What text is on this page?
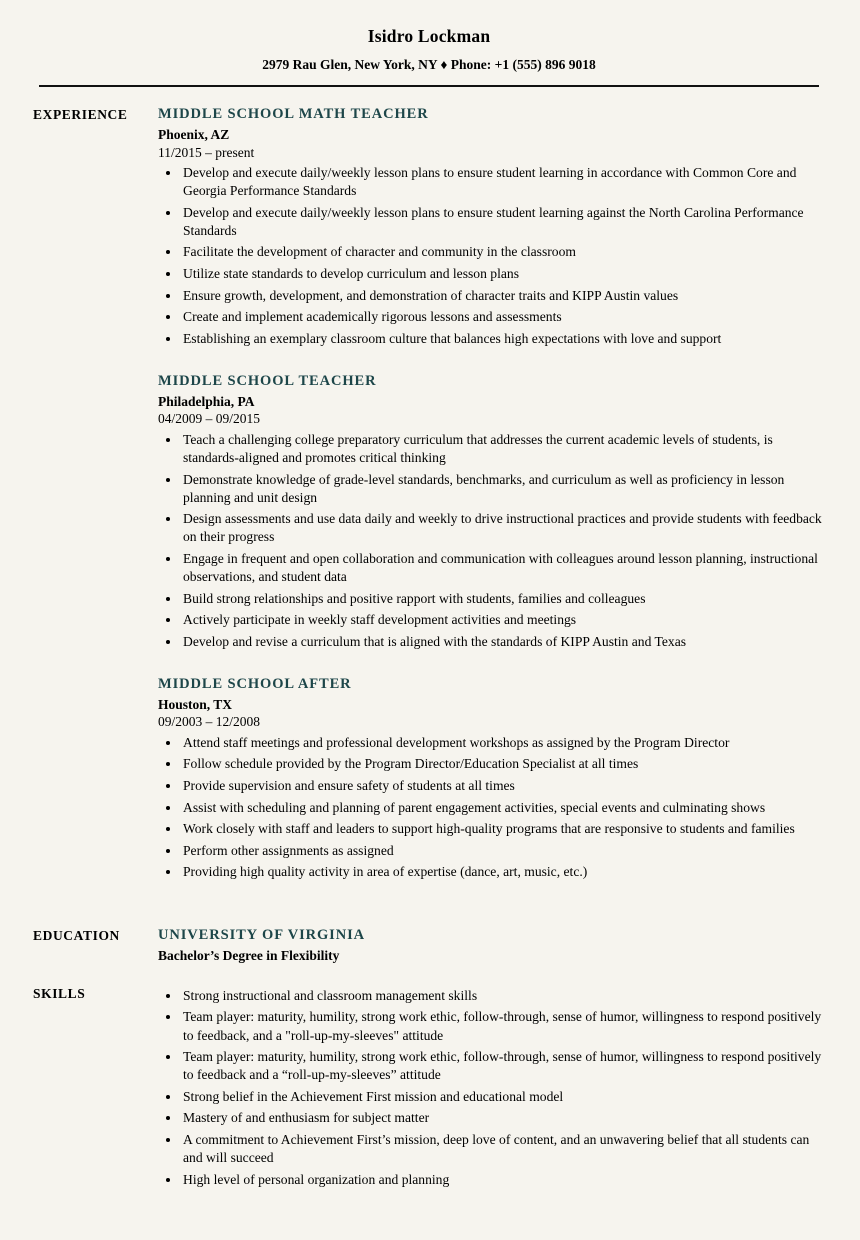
Isidro Lockman
2979 Rau Glen, New York, NY ♦ Phone: +1 (555) 896 9018
EXPERIENCE	MIDDLE SCHOOL MATH TEACHER
Phoenix, AZ
11/2015 – present
• Develop and execute daily/weekly lesson plans to ensure student learning in accordance with Common Core and Georgia Performance Standards
• Develop and execute daily/weekly lesson plans to ensure student learning against the North Carolina Performance Standards
• Facilitate the development of character and community in the classroom
• Utilize state standards to develop curriculum and lesson plans
• Ensure growth, development, and demonstration of character traits and KIPP Austin values
• Create and implement academically rigorous lessons and assessments
• Establishing an exemplary classroom culture that balances high expectations with love and support
MIDDLE SCHOOL TEACHER
Philadelphia, PA
04/2009 – 09/2015
• Teach a challenging college preparatory curriculum that addresses the current academic levels of students, is standards-aligned and promotes critical thinking
• Demonstrate knowledge of grade-level standards, benchmarks, and curriculum as well as proficiency in lesson planning and unit design
• Design assessments and use data daily and weekly to drive instructional practices and provide students with feedback on their progress
• Engage in frequent and open collaboration and communication with colleagues around lesson planning, instructional observations, and student data
• Build strong relationships and positive rapport with students, families and colleagues
• Actively participate in weekly staff development activities and meetings
• Develop and revise a curriculum that is aligned with the standards of KIPP Austin and Texas
MIDDLE SCHOOL AFTER
Houston, TX
09/2003 – 12/2008
• Attend staff meetings and professional development workshops as assigned by the Program Director
• Follow schedule provided by the Program Director/Education Specialist at all times
• Provide supervision and ensure safety of students at all times
• Assist with scheduling and planning of parent engagement activities, special events and culminating shows
• Work closely with staff and leaders to support high-quality programs that are responsive to students and families
• Perform other assignments as assigned
• Providing high quality activity in area of expertise (dance, art, music, etc.)
EDUCATION	UNIVERSITY OF VIRGINIA
Bachelor’s Degree in Flexibility
SKILLS	• Strong instructional and classroom management skills
• Team player: maturity, humility, strong work ethic, follow-through, sense of humor, willingness to respond positively to feedback, and a "roll-up-my-sleeves" attitude
• Team player: maturity, humility, strong work ethic, follow-through, sense of humor, willingness to respond positively to feedback and a “roll-up-my-sleeves” attitude
• Strong belief in the Achievement First mission and educational model
• Mastery of and enthusiasm for subject matter
• A commitment to Achievement First’s mission, deep love of content, and an unwavering belief that all students can and will succeed
• High level of personal organization and planning
